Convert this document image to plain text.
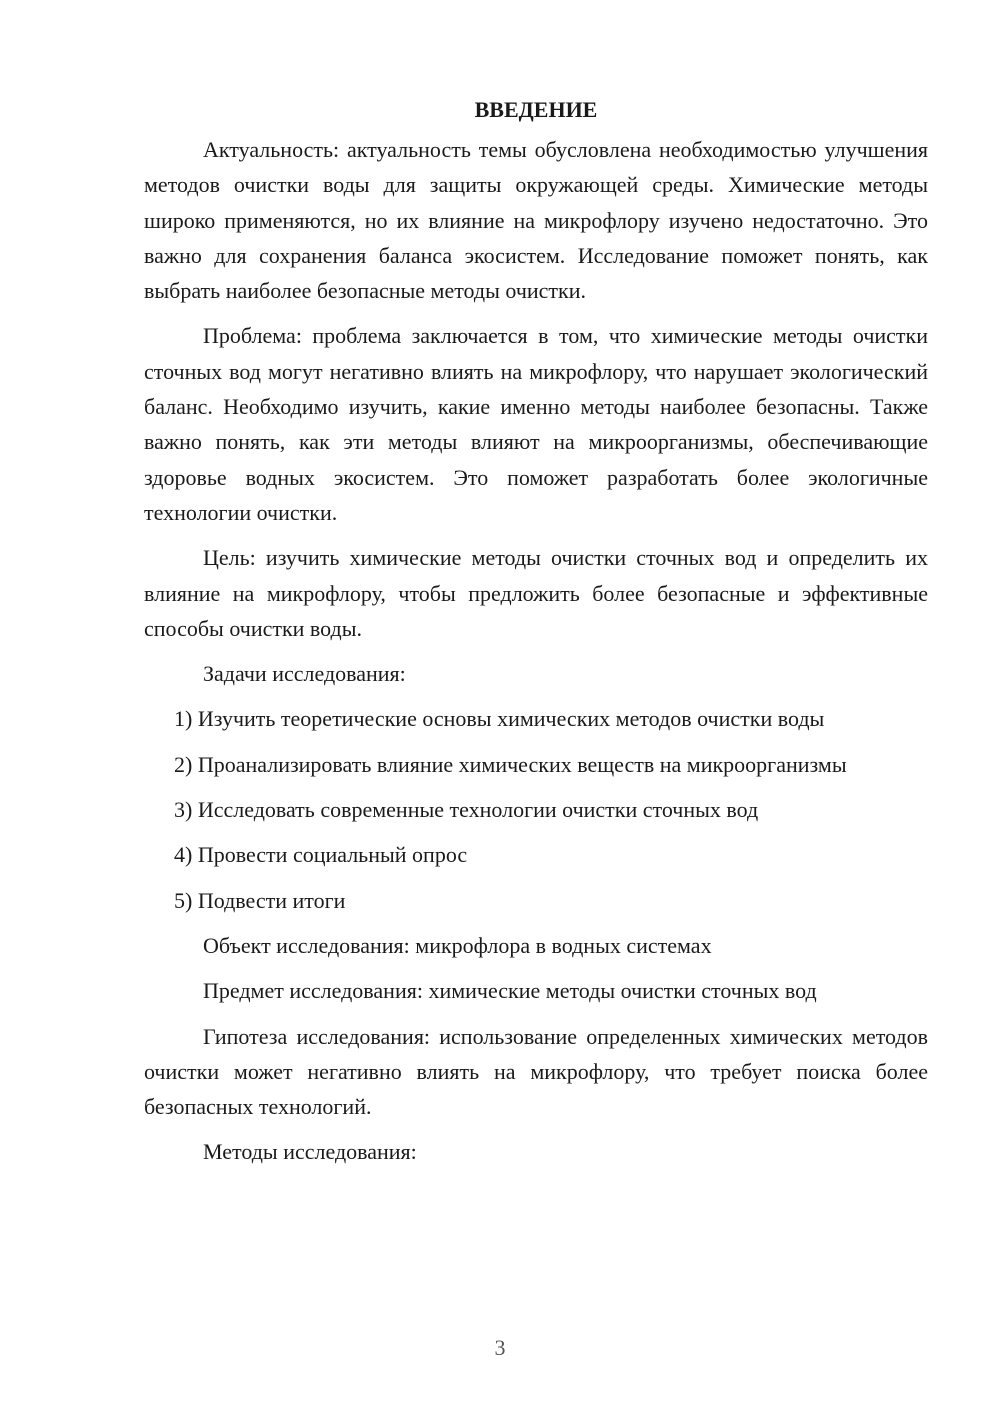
ВВЕДЕНИЕ

Актуальность: актуальность темы обусловлена необходимостью улучшения методов очистки воды для защиты окружающей среды. Химические методы широко применяются, но их влияние на микрофлору изучено недостаточно. Это важно для сохранения баланса экосистем. Исследование поможет понять, как выбрать наиболее безопасные методы очистки.

Проблема: проблема заключается в том, что химические методы очистки сточных вод могут негативно влиять на микрофлору, что нарушает экологический баланс. Необходимо изучить, какие именно методы наиболее безопасны. Также важно понять, как эти методы влияют на микроорганизмы, обеспечивающие здоровье водных экосистем. Это поможет разработать более экологичные технологии очистки.

Цель: изучить химические методы очистки сточных вод и определить их влияние на микрофлору, чтобы предложить более безопасные и эффективные способы очистки воды.

Задачи исследования:

1) Изучить теоретические основы химических методов очистки воды

2) Проанализировать влияние химических веществ на микроорганизмы

3) Исследовать современные технологии очистки сточных вод

4) Провести социальный опрос

5) Подвести итоги

Объект исследования: микрофлора в водных системах

Предмет исследования: химические методы очистки сточных вод

Гипотеза исследования: использование определенных химических методов очистки может негативно влиять на микрофлору, что требует поиска более безопасных технологий.

Методы исследования:

3
